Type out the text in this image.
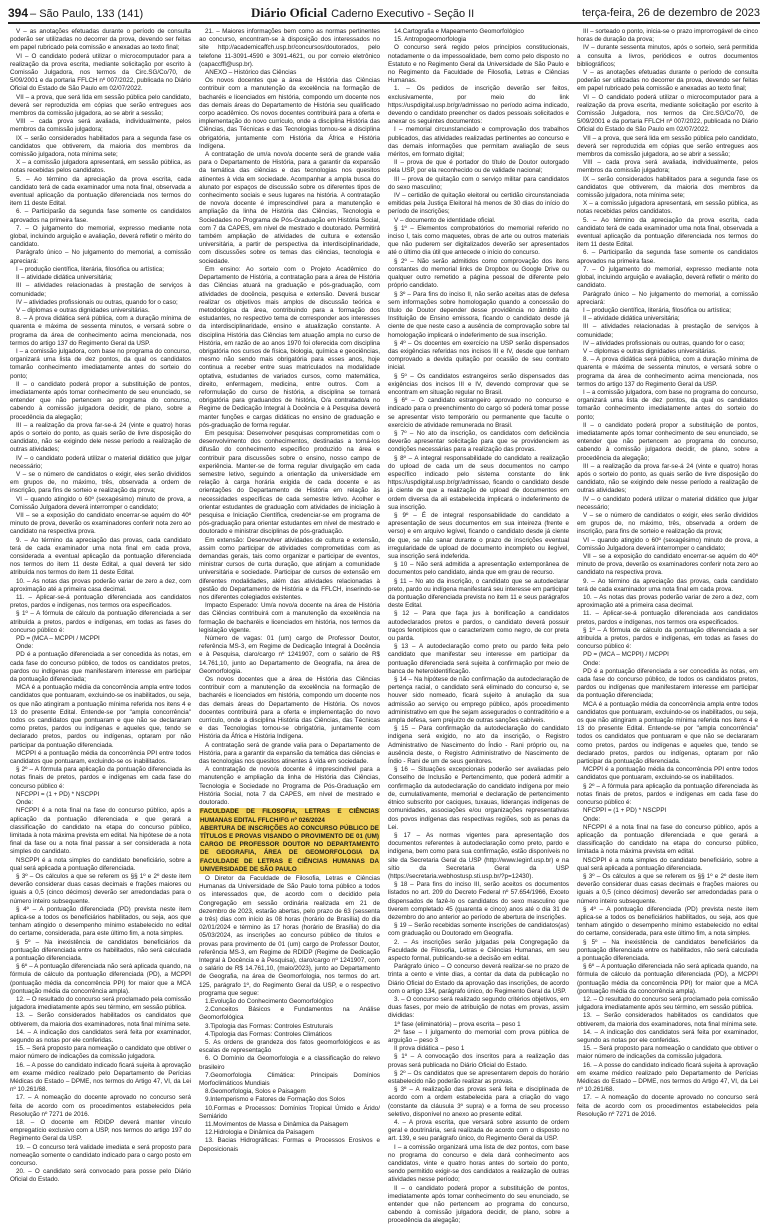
394 – São Paulo, 133 (141)	Diário Oficial Caderno Executivo - Seção II	terça-feira, 26 de dezembro de 2023

V – as anotações efetuadas durante o período de consulta poderão ser utilizadas no decorrer da prova, devendo ser feitas em papel rubricado pela comissão e anexadas ao texto final;

VI – O candidato poderá utilizar o microcomputador para a realização da prova escrita, mediante solicitação por escrito à Comissão Julgadora, nos termos da Circ.SG/Co/70, de 5/09/2001 e da portaria FFLCH nº 007/2022, publicada no Diário Oficial do Estado de São Paulo em 02/07/2022.

VII – a prova, que será lida em sessão pública pelo candidato, deverá ser reproduzida em cópias que serão entregues aos membros da comissão julgadora, ao se abrir a sessão;

VIII – cada prova será avaliada, individualmente, pelos membros da comissão julgadora;

IX – serão considerados habilitados para a segunda fase os candidatos que obtiverem, da maioria dos membros da comissão julgadora, nota mínima sete;

X – a comissão julgadora apresentará, em sessão pública, as notas recebidas pelos candidatos.

5. – Ao término da apreciação da prova escrita, cada candidato terá de cada examinador uma nota final, observada a eventual aplicação da pontuação diferenciada nos termos do item 11 deste Edital.

6. – Participarão da segunda fase somente os candidatos aprovados na primeira fase.

7. – O julgamento do memorial, expresso mediante nota global, incluindo arguição e avaliação, deverá refletir o mérito do candidato.

Parágrafo único – No julgamento do memorial, a comissão apreciará:

I – produção científica, literária, filosófica ou artística;

II – atividade didática universitária;

III – atividades relacionadas à prestação de serviços à comunidade;

IV – atividades profissionais ou outras, quando for o caso;

V – diplomas e outras dignidades universitárias.

8. – A prova didática será pública, com a duração mínima de quarenta e máxima de sessenta minutos, e versará sobre o programa da área de conhecimento acima mencionada, nos termos do artigo 137 do Regimento Geral da USP.

I – a comissão julgadora, com base no programa do concurso, organizará uma lista de dez pontos, da qual os candidatos tomarão conhecimento imediatamente antes do sorteio do ponto;

II – o candidato poderá propor a substituição de pontos, imediatamente após tomar conhecimento de seu enunciado, se entender que não pertencem ao programa do concurso, cabendo à comissão julgadora decidir, de plano, sobre a procedência da alegação;

III – a realização da prova far-se-á 24 (vinte e quatro) horas após o sorteio do ponto, as quais serão de livre disposição do candidato, não se exigindo dele nesse período a realização de outras atividades;

IV – o candidato poderá utilizar o material didático que julgar necessário;

V – se o número de candidatos o exigir, eles serão divididos em grupos de, no máximo, três, observada a ordem de inscrição, para fins de sorteio e realização da prova;

VI – quando atingido o 60º (sexagésimo) minuto de prova, a Comissão Julgadora deverá interromper o candidato;

VII – se a exposição do candidato encerrar-se aquém do 40º minuto de prova, deverão os examinadores conferir nota zero ao candidato na respectiva prova.

9. – Ao término da apreciação das provas, cada candidato terá de cada examinador uma nota final em cada prova, considerada a eventual aplicação da pontuação diferenciada nos termos do item 11 deste Edital, a qual deverá ter sido atribuída nos termos do item 11 deste Edital.

10. – As notas das provas poderão variar de zero a dez, com aproximação até a primeira casa decimal.

11. – Aplicar-se-á pontuação diferenciada aos candidatos pretos, pardos e indígenas, nos termos ora especificados.

§ 1º – A fórmula de cálculo da pontuação diferenciada a ser atribuída a pretos, pardos e indígenas, em todas as fases do concurso público é:

PD = (MCA – MCPPI / MCPPI

Onde:

PD é a pontuação diferenciada a ser concedida às notas, em cada fase do concurso público, de todos os candidatos pretos, pardos ou indígenas que manifestarem interesse em participar da pontuação diferenciada;

MCA é a pontuação média da concorrência ampla entre todos candidatos que pontuaram, excluindo-se os inabilitados, ou seja, os que não atingiram a pontuação mínima referida nos itens 4 e 13 do presente Edital. Entende-se por "ampla concorrência" todos os candidatos que pontuaram e que não se declararam como pretos, pardos ou indígenas e aqueles que, tendo se declarado pretos, pardos ou indígenas, optaram por não participar da pontuação diferenciada.

MCPPI é a pontuação média da concorrência PPI entre todos candidatos que pontuaram, excluindo-se os inabilitados.

§ 2º – A fórmula para aplicação da pontuação diferenciada às notas finais de pretos, pardos e indígenas em cada fase do concurso público é:

NFCPPI = (1 + PD) * NSCPPI

Onde:

NFCPPI é a nota final na fase do concurso público, após a aplicação da pontuação diferenciada e que gerará a classificação do candidato na etapa do concurso público, limitada à nota máxima prevista em edital. Na hipótese de a nota final da fase ou a nota final passar a ser considerada a nota simples do candidato.

NSCPPI é a nota simples do candidato beneficiário, sobre a qual será aplicada a pontuação diferenciada.

§ 3º – Os cálculos a que se referem os §§ 1º e 2º deste item deverão considerar duas casas decimais e frações maiores ou iguais a 0,5 (cinco décimos) deverão ser arredondadas para o número inteiro subsequente.

§ 4º – A pontuação diferenciada (PD) prevista neste item aplica-se a todos os beneficiários habilitados, ou seja, aos que tenham atingido o desempenho mínimo estabelecido no edital do certame, considerada, para este último fim, a nota simples.

§ 5º – Na inexistência de candidatos beneficiários da pontuação diferenciada entre os habilitados, não será calculada a pontuação diferenciada.

§ 6º – A pontuação diferenciada não será aplicada quando, na fórmula de cálculo da pontuação diferenciada (PD), a MCPPI (pontuação média da concorrência PPI) for maior que a MCA (pontuação média da concorrência ampla).

12. – O resultado do concurso será proclamado pela comissão julgadora imediatamente após seu término, em sessão pública.

13. – Serão considerados habilitados os candidatos que obtiverem, da maioria dos examinadores, nota final mínima sete.

14. – A indicação dos candidatos será feita por examinador, segundo as notas por ele conferidas.

15. – Será proposto para nomeação o candidato que obtiver o maior número de indicações da comissão julgadora.

16. – A posse do candidato indicado ficará sujeita à aprovação em exame médico realizado pelo Departamento de Perícias Médicas do Estado – DPME, nos termos do Artigo 47, VI, da Lei nº 10.261/68.

17. – A nomeação do docente aprovado no concurso será feita de acordo com os procedimentos estabelecidos pela Resolução nº 7271 de 2016.

18. – O docente em RDIDP deverá manter vínculo empregatício exclusivo com a USP, nos termos do artigo 197 do Regimento Geral da USP.

19. – O concurso terá validade imediata e será proposto para nomeação somente o candidato indicado para o cargo posto em concurso.

20. – O candidato será convocado para posse pelo Diário Oficial do Estado.

21. – Maiores informações bem como as normas pertinentes ao concurso, encontram-se à disposição dos interessados no site http://academicaffch.usp.br/concursos/doutorados, pelo telefone 11-3091-4590 e 3091-4621, ou por correio eletrônico (capaccffl@usp.br).

ANEXO – Histórico das Ciências

Os novos docentes que a área de História das Ciências contribuir com a manutenção da excelência na formação de bacharéis e licenciados em história, compondo um docente nos das demais áreas do Departamento de História seu qualificado corpo acadêmico. Os novos docentes contribuirá para a oferta e implementação do novo currículo, onde a disciplina História das Ciências, das Técnicas e das Tecnologias tornou-se a disciplina obrigatória, juntamente com História da África e História Indígena.

A contratação de um/a novo/a docente será de grande valia para o Departamento de História, para a garantir da expansão da temática das ciências e das tecnologias nos quesitos atinentes à vida em sociedade. Acompanhar a ampla busca do alunato por espaços de discussão sobre os diferentes tipos de conhecimento sociais e seus lugares na história. A contratação de novo/a docente é imprescindível para a manutenção e ampliação da linha de História das Ciências, Tecnologia e Sociedades no Programa de Pós-Graduação em História Social, com 7 da CAPES, em nível de mestrado e doutorado. Permitirá também ampliação de atividades de cultura e extensão universitária, a partir de perspectiva da interdisciplinaridade, com discussões sobre os temas das ciências, tecnologia e sociedade.

Em ensino: Ao sorteio com o Projeto Acadêmico do Departamento de História, a contratação para a área de História das Ciências atuará na graduação e pós-graduação, com atividades de docência, pesquisa e extensão. Deverá buscar realizar os objetivos mais amplos de discussão teórica e metodológica da área, contribuindo para a formação dos estudantes, no respectivo tema de corresponder aos interesses da interdisciplinaridade, ensino e atualização constante. A disciplina História das Ciências tem atuação ampla no curso de História, em razão de ao anos 1970 foi oferecida com disciplina obrigatória nos cursos de física, biologia, química e geociências, mesmo não sendo mais obrigatória para esses anos, hoje continua a receber entre suas matriculados na modalidade optativa, estudantes de variados cursos, como matemática, direito, enfermagem, medicina, entre outros. Com a reformulação do curso de história, a disciplina se tornará obrigatória para graduandos de história, O/a contratado/a no Regime de Dedicação Integral à Docência e à Pesquisa deverá manter funções e cargas didáticas no ensino de graduação e pós-graduação de forma regular.

Em pesquisa: Desenvolver pesquisas comprometidas com o desenvolvimento dos conhecimentos, destinadas a torná-los difusão do conhecimento específico produzido na área e contribuir para discussões sobre o ensino, nosso campo de experiência. Manter-se de forma regular divulgação em cada semestre letivo, seguindo a orientação da universidade em relação à carga horária exigida de cada docente e as orientações do Departamento de História em relação às necessidades específicas de cada semestre letivo. Acolher e orientar estudantes de graduação com atividades de iniciação à pesquisa e Iniciação Científica, credenciar-se em programa de pós-graduação para orientar estudantes em nível de mestrado e doutorado e ministrar disciplinas de pós-graduação.

Em extensão: Desenvolver atividades de cultura e extensão, assim como participar de atividades comprometidas com as demandas gerais, tais como organizar e participar de eventos, ministrar cursos de curta duração, que atinjam a comunidade universitária e sociedade. Participar de cursos de extensão em diferentes modalidades, além das atividades relacionadas à gestão do Departamento de História e da FFLCH, inserindo-se nos diferentes colegiados existentes.

Impacto Esperado: Um/a novo/a docente na área de História das Ciências contribuirá com a manutenção da excelência na formação de bacharéis e licenciados em história, nos termos da legislação vigente.

Número de vagas: 01 (um) cargo de Professor Doutor, referência MS-3, em Regime de Dedicação Integral à Docência e à Pesquisa, claro/cargo nº 1241907, com o salário de R$ 14.761,10, junto ao Departamento de Geografia, na área de Geomorfologia.

Os novos docentes que a área de História das Ciências contribuir com a manutenção da excelência na formação de bacharéis e licenciados em história, compondo um docente nos das demais áreas do Departamento de História. Os novos docentes contribuirá para a oferta e implementação do novo currículo, onde a disciplina História das Ciências, das Técnicas e das Tecnologias tornou-se obrigatória, juntamente com História da África e História Indígena.

A contratação será de grande valia para o Departamento de História, para a garantir da expansão da temática das ciências e das tecnologias nos quesitos atinentes à vida em sociedade.

A contratação de novo/a docente é imprescindível para a manutenção e ampliação da linha de História das Ciências, Tecnologia e Sociedade no Programa de Pós-Graduação em História Social, nota 7 da CAPES, em nível de mestrado e doutorado.

FACULDADE DE FILOSOFIA, LETRAS E CIÊNCIAS HUMANAS EDITAL FFLCH/FG nº 026/2024

ABERTURA DE INSCRIÇÕES AO CONCURSO PÚBLICO DE TÍTULOS E PROVAS VISANDO O PROVIMENTO DE 01 (UM) CARGO DE PROFESSOR DOUTOR NO DEPARTAMENTO DE GEOGRAFIA, ÁREA DE GEOMORFOLOGIA DA FACULDADE DE LETRAS E CIÊNCIAS HUMANAS DA UNIVERSIDADE DE SÃO PAULO

O Diretor da Faculdade de Filosofia, Letras e Ciências Humanas da Universidade de São Paulo torna público a todos os interessados que, de acordo com o decidido pela Congregação em sessão ordinária realizada em 21 de dezembro de 2023, estarão abertas, pelo prazo de 63 (sessenta e três) dias com início às 08 horas (horário de Brasília) do dia 02/01/2024 e término às 17 horas (horário de Brasília) do dia 05/03/2024, as inscrições ao concurso público de títulos e provas para provimento de 01 (um) cargo de Professor Doutor, referência MS-3, em Regime de RDIDP (Regime de Dedicação Integral à Docência e à Pesquisa), claro/cargo nº 1241907, com o salário de R$ 14.761,10, (maio/2023), junto ao Departamento de Geografia, na área de Geomorfologia, nos termos do art. 125, parágrafo 1º, do Regimento Geral da USP, e o respectivo programa que segue:

1.Evolução do Conhecimento Geomorfológico

2.Conceitos Básicos e Fundamentos na Análise Geomorfológica

3.Tipologia das Formas: Controles Estruturais

4.Tipologia das Formas: Controles Climáticos

5. As ordens de grandeza dos fatos geomorfológicos e as escalas de representação

6. O Domínio da Geomorfologia e a classificação do relevo brasileiro

7.Geomorfologia Climática: Principais Domínios Morfoclimáticos Mundiais

8.Geomorfologia, Solos e Paisagem

9.Intemperismo e Fatores de Formação dos Solos

10.Formas e Processos: Domínios Tropical Úmido e Árido/ Semiárido

11.Movimentos de Massa e Dinâmica da Paisagem

12.Hidrologia e Dinâmica da Paisagem

13. Bacias Hidrográficas: Formas e Processos Erosivos e Deposicionais

14.Cartografia e Mapeamento Geomorfológico

15. Antropogeomorfologia

O concurso será regido pelos princípios constitucionais, notadamente o da impessoalidade, bem como pelo disposto no Estatuto e no Regimento Geral da Universidade de São Paulo e no Regimento da Faculdade de Filosofia, Letras e Ciências Humanas.

1. – Os pedidos de inscrição deverão ser feitos, exclusivamente, por meio do link https://uspdigital.usp.br/gr/admissao no período acima indicado, devendo o candidato preencher os dados pessoais solicitados e anexar os seguintes documentos:

I – memorial circunstanciado e comprovação dos trabalhos publicados, das atividades realizadas pertinentes ao concurso e das demais informações que permitam avaliação de seus méritos, em formato digital;

II – prova de que é portador do título de Doutor outorgado pela USP, por ela reconhecido ou de validade nacional;

III – prova de quitação com o serviço militar para candidatos do sexo masculino;

IV – certidão de quitação eleitoral ou certidão circunstanciada emitidas pela Justiça Eleitoral há menos de 30 dias do início do período de inscrições;

V – documento de identidade oficial.

§ 1º – Elementos comprobatórios do memorial referido no inciso I, tais como maquetes, obras de arte ou outros materiais que não puderem ser digitalizados deverão ser apresentados até o último dia útil que antecede o início do concurso.

§ 2º – Não serão admitidos como comprovação dos itens constantes do memorial links de Dropbox ou Google Drive ou qualquer outro remetido a página pessoal de diferente pelo próprio candidato.

§ 3º – Para fins do inciso II, não serão aceitas atas de defesa sem informações sobre homologação quando a concessão do título de Doutor depender desse providência no âmbito da Instituição de Ensino emissora, ficando o candidato desde já ciente de que neste caso a ausência de comprovação sobre tal homologação implicará o indeferimento de sua inscrição.

§ 4º – Os docentes em exercício na USP serão dispensados das exigências referidas nos incisos III e IV, desde que tenham comprovado a devida quitação por ocasião de seu contrato inicial.

§ 5º – Os candidatos estrangeiros serão dispensados das exigências dos incisos III e IV, devendo comprovar que se encontram em situação regular no Brasil.

§ 6º – O candidato estrangeiro aprovado no concurso e indicado para o preenchimento do cargo só poderá tomar posse se apresentar visto temporário ou permanente que faculte o exercício de atividade remunerada no Brasil.

§ 7º – No ato da inscrição, os candidatos com deficiência deverão apresentar solicitação para que se providenciem as condições necessárias para a realização das provas.

§ 8º – A integral responsabilidade do candidato a realização do upload de cada um de seus documentos no campo específico indicado pelo sistema constante do link https://uspdigital.usp.br/gr/admissao, ficando o candidato desde já ciente de que a realização de upload de documentos em ordem diversa da ali estabelecida implicará o indeferimento de sua inscrição.

§ 9º – É de integral responsabilidade do candidato a apresentação de seus documentos em sua inteireza (frente e verso) e em arquivo legível, ficando o candidato desde já ciente de que, se não sanar durante o prazo de inscrições eventual irregularidade de upload de documento incompleto ou ilegível, sua inscrição será indeferida.

§ 10 – Não será admitida a apresentação extemporânea de documentos pelo candidato, ainda que em grau de recurso.

§ 11 – No ato da inscrição, o candidato que se autodeclarar preto, pardo ou indígena manifestará seu interesse em participar da pontuação diferenciada prevista no item 11 e seus parágrafos deste Edital.

§ 12 – Para que faça jus à bonificação a candidatos autodeclarados pretos e pardos, o candidato deverá possuir traços fenotípicos que o caracterizem como negro, de cor preta ou parda.

§ 13 – A autodeclaração como preto ou pardo feita pelo candidato que manifestar seu interesse em participar da pontuação diferenciada será sujeita à confirmação por meio de banca de heteroidentificação.

§ 14 – Na hipótese de não confirmação da autodeclaração de pertença racial, o candidato será eliminado do concurso e, se houver sido nomeado, ficará sujeito à anulação da sua admissão ao serviço ou emprego público, após procedimento administrativo em que lhe sejam assegurados o contraditório e a ampla defesa, sem prejuízo de outras sanções cabíveis.

§ 15 – Para confirmação da autodeclaração do candidato indígena será exigido, no ato da inscrição, o Registro Administrativo de Nascimento do Índio - Rani próprio ou, na ausência deste, o Registro Administrativo de Nascimento de Índio - Rani de um de seus genitores.

§ 16 – Situações excepcionais poderão ser avaliadas pelo Conselho de Inclusão e Pertencimento, que poderá admitir a confirmação da autodeclaração do candidato indígena por meio de, cumulativamente, memorial e declaração de pertencimento étnico subscrito por caciques, tuxauas, lideranças indígenas de comunidades, associações e/ou organizações representativas dos povos indígenas das respectivas regiões, sob as penas da Lei.

§ 17 – As normas vigentes para apresentação dos documentos referentes à autodeclaração como preto, pardo e indígena, bem como para sua confirmação, estão disponíveis no site da Secretaria Geral da USP (http://www.leginf.usp.br) e na sítio da Secretaria Geral da USP (https://secretaria.webhostusp.sti.usp.br/?p=12430).

§ 18 – Para fins do inciso III, serão aceitos os documentos listados no art. 209 do Decreto Federal nº 57.654/1966, Exceto dispensados de fazê-lo os candidatos do sexo masculino que tiverem completado 45 (quarenta e cinco) anos até o dia 31 de dezembro do ano anterior ao período de abertura de inscrições.

§ 19 – Serão recebidas somente inscrições de candidatos(as) com graduação ou Doutorado em Geografia.

2. – As inscrições serão julgadas pela Congregação da Faculdade de Filosofia, Letras e Ciências Humanas, em seu aspecto formal, publicando-se a decisão em edital.

Parágrafo único – O concurso deverá realizar-se no prazo de trinta a cento e vinte dias, a contar da data da publicação no Diário Oficial do Estado da aprovação das inscrições, de acordo com o artigo 134, parágrafo único, do Regimento Geral da USP.

3. – O concurso será realizado segundo critérios objetivos, em duas fases, por meio de atribuição de notas em provas, assim divididas:

1ª fase (eliminatória) – prova escrita – peso 1

2ª fase – I julgamento do memorial com prova pública de arguição – peso 3

II prova didática – peso 1

§ 1º – A convocação dos inscritos para a realização das provas será publicada no Diário Oficial do Estado.

§ 2º – Os candidatos que se apresentarem depois do horário estabelecido não poderão realizar as provas.

§ 3º – A realização das provas será feita e disciplinada de acordo com a ordem estabelecida para a criação do vago (constante da cláusula 3º supra) e a forma de seu processo seletivo, disponível no anexo ao presente edital.

4. – A prova escrita, que versará sobre assunto de ordem geral e doutrinária, será realizada de acordo com o disposto no art. 139, e seu parágrafo único, do Regimento Geral da USP.

I – a comissão organizará uma lista de dez pontos, com base no programa do concurso e dela dará conhecimento aos candidatos, vinte e quatro horas antes do sorteio do ponto, sendo permitido exigir-se dos candidatos a realização de outras atividades nesse período;

II – o candidato poderá propor a substituição de pontos, imediatamente após tomar conhecimento do seu enunciado, se entender que não pertencem ao programa do concurso, cabendo à comissão julgadora decidir, de plano, sobre a procedência da alegação;

III – sorteado o ponto, inicia-se o prazo improrrogável de cinco horas de duração da prova;

IV – durante sessenta minutos, após o sorteio, será permitida a consulta a livros, periódicos e outros documentos bibliográficos;

V – as anotações efetuadas durante o período de consulta poderão ser utilizadas no decorrer da prova, devendo ser feitas em papel rubricado pela comissão e anexadas ao texto final;

VI – O candidato poderá utilizar o microcomputador para a realização da prova escrita, mediante solicitação por escrito à Comissão Julgadora, nos termos da Circ.SG/Co/70, de 5/09/2001 e da portaria FFLCH nº 007/2022, publicada no Diário Oficial do Estado de São Paulo em 02/07/2022.

VII – a prova, que será lida em sessão pública pelo candidato, deverá ser reproduzida em cópias que serão entregues aos membros da comissão julgadora, ao se abrir a sessão;

VIII – cada prova será avaliada, individualmente, pelos membros da comissão julgadora;

IX – serão considerados habilitados para a segunda fase os candidatos que obtiverem, da maioria dos membros da comissão julgadora, nota mínima sete;

X – a comissão julgadora apresentará, em sessão pública, as notas recebidas pelos candidatos.

5. – Ao término da apreciação da prova escrita, cada candidato terá de cada examinador uma nota final, observada a eventual aplicação da pontuação diferenciada nos termos do item 11 deste Edital.

6. – Participarão da segunda fase somente os candidatos aprovados na primeira fase.

7. – O julgamento do memorial, expresso mediante nota global, incluindo arguição e avaliação, deverá refletir o mérito do candidato.

Parágrafo único – No julgamento do memorial, a comissão apreciará:

I – produção científica, literária, filosófica ou artística;

II – atividade didática universitária;

III – atividades relacionadas à prestação de serviços à comunidade;

IV – atividades profissionais ou outras, quando for o caso;

V – diplomas e outras dignidades universitárias.

8. – A prova didática será pública, com a duração mínima de quarenta e máxima de sessenta minutos, e versará sobre o programa da área de conhecimento acima mencionada, nos termos do artigo 137 do Regimento Geral da USP.

I – a comissão julgadora, com base no programa do concurso, organizará uma lista de dez pontos, da qual os candidatos tomarão conhecimento imediatamente antes do sorteio do ponto;

II – o candidato poderá propor a substituição de pontos, imediatamente após tomar conhecimento de seu enunciado, se entender que não pertencem ao programa do concurso, cabendo à comissão julgadora decidir, de plano, sobre a procedência da alegação;

III – a realização da prova far-se-á 24 (vinte e quatro) horas após o sorteio do ponto, as quais serão de livre disposição do candidato, não se exigindo dele nesse período a realização de outras atividades;

IV – o candidato poderá utilizar o material didático que julgar necessário;

V – se o número de candidatos o exigir, eles serão divididos em grupos de, no máximo, três, observada a ordem de inscrição, para fins de sorteio e realização da prova;

VI – quando atingido o 60º (sexagésimo) minuto de prova, a Comissão Julgadora deverá interromper o candidato;

VII – se a exposição do candidato encerrar-se aquém do 40º minuto de prova, deverão os examinadores conferir nota zero ao candidato na respectiva prova.

9. – Ao término da apreciação das provas, cada candidato terá de cada examinador uma nota final em cada prova.

10. – As notas das provas poderão variar de zero a dez, com aproximação até a primeira casa decimal.

11. – Aplicar-se-á pontuação diferenciada aos candidatos pretos, pardos e indígenas, nos termos ora especificados.

§ 1º – A fórmula de cálculo da pontuação diferenciada a ser atribuída a pretos, pardos e indígenas, em todas as fases do concurso público é:

PD = (MCA – MCPPI) / MCPPI

Onde:

PD é a pontuação diferenciada a ser concedida às notas, em cada fase do concurso público, de todos os candidatos pretos, pardos ou indígenas que manifestarem interesse em participar da pontuação diferenciada;

MCA é a pontuação média da concorrência ampla entre todos candidatos que pontuaram, excluindo-se os inabilitados, ou seja, os que não atingiram a pontuação mínima referida nos itens 4 e 13 do presente Edital. Entende-se por "ampla concorrência" todos os candidatos que pontuaram e que não se declararam como pretos, pardos ou indígenas e aqueles que, tendo se declarado pretos, pardos ou indígenas, optaram por não participar da pontuação diferenciada.

MCPPI é a pontuação média da concorrência PPI entre todos candidatos que pontuaram, excluindo-se os inabilitados.

§ 2º – A fórmula para aplicação da pontuação diferenciada às notas finais de pretos, pardos e indígenas em cada fase do concurso público é:

NFCPPI = (1 + PD) * NSCPPI

Onde:

NFCPPI é a nota final na fase do concurso público, após a aplicação da pontuação diferenciada e que gerará a classificação do candidato na etapa do concurso público, limitada à nota máxima prevista em edital.

NSCPPI é a nota simples do candidato beneficiário, sobre a qual será aplicada a pontuação diferenciada.

§ 3º – Os cálculos a que se referem os §§ 1º e 2º deste item deverão considerar duas casas decimais e frações maiores ou iguais a 0,5 (cinco décimos) deverão ser arredondadas para o número inteiro subsequente.

§ 4º – A pontuação diferenciada (PD) prevista neste item aplica-se a todos os beneficiários habilitados, ou seja, aos que tenham atingido o desempenho mínimo estabelecido no edital do certame, considerada, para este último fim, a nota simples.

§ 5º – Na inexistência de candidatos beneficiários da pontuação diferenciada entre os habilitados, não será calculada a pontuação diferenciada.

§ 6º – A pontuação diferenciada não será aplicada quando, na fórmula de cálculo da pontuação diferenciada (PD), a MCPPI (pontuação média da concorrência PPI) for maior que a MCA (pontuação média da concorrência ampla).

12. – O resultado do concurso será proclamado pela comissão julgadora imediatamente após seu término, em sessão pública.

13. – Serão considerados habilitados os candidatos que obtiverem, da maioria dos examinadores, nota final mínima sete.

14. – A indicação dos candidatos será feita por examinador, segundo as notas por ele conferidas.

15. – Será proposto para nomeação o candidato que obtiver o maior número de indicações da comissão julgadora.

16. – A posse do candidato indicado ficará sujeita à aprovação em exame médico realizado pelo Departamento de Perícias Médicas do Estado – DPME, nos termos do Artigo 47, VI, da Lei nº 10.261/68.

17. – A nomeação do docente aprovado no concurso será feita de acordo com os procedimentos estabelecidos pela Resolução nº 7271 de 2016.
